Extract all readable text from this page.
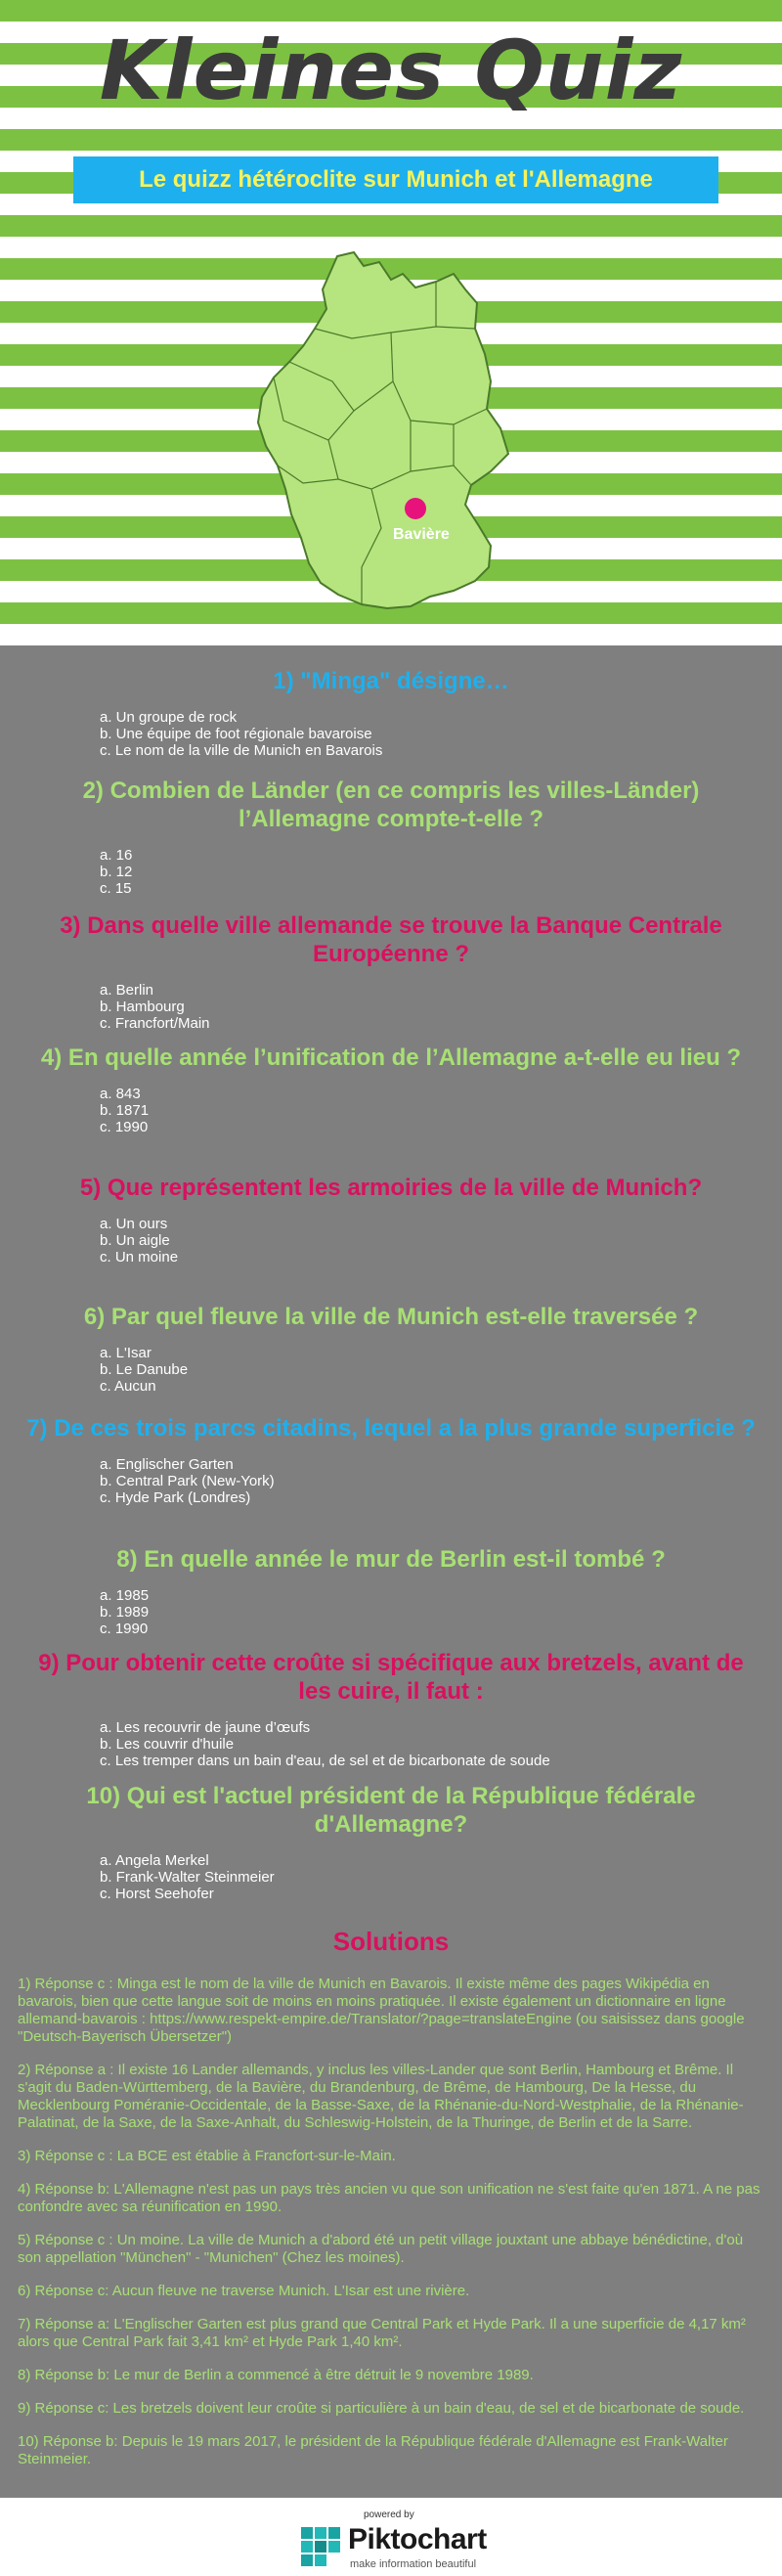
Kleines Quiz
Le quizz hétéroclite sur Munich et l'Allemagne
Bavière
1) "Minga" désigne…
a. Un groupe de rock
b. Une équipe de foot régionale bavaroise
c. Le nom de la ville de Munich en Bavarois
2) Combien de Länder (en ce compris les villes-Länder) l’Allemagne compte-t-elle ?
a. 16
b. 12
c. 15
3) Dans quelle ville allemande se trouve la Banque Centrale Européenne ?
a. Berlin
b. Hambourg
c. Francfort/Main
4) En quelle année l’unification de l’Allemagne a-t-elle eu lieu ?
a. 843
b. 1871
c. 1990
5) Que représentent les armoiries de la ville de Munich?
a. Un ours
b. Un aigle
c. Un moine
6) Par quel fleuve la ville de Munich est-elle traversée ?
a. L'Isar
b. Le Danube
c. Aucun
7) De ces trois parcs citadins, lequel a la plus grande superficie ?
a. Englischer Garten
b. Central Park (New-York)
c. Hyde Park (Londres)
8) En quelle année le mur de Berlin est-il tombé ?
a. 1985
b. 1989
c. 1990
9) Pour obtenir cette croûte si spécifique aux bretzels, avant de les cuire, il faut :
a. Les recouvrir de jaune d’œufs
b. Les couvrir d'huile
c. Les tremper dans un bain d'eau, de sel et de bicarbonate de soude
10) Qui est l'actuel président de la République fédérale d'Allemagne?
a. Angela Merkel
b. Frank-Walter Steinmeier
c. Horst Seehofer
Solutions
1) Réponse c : Minga est le nom de la ville de Munich en Bavarois. Il existe même des pages Wikipédia en bavarois, bien que cette langue soit de moins en moins pratiquée. Il existe également un dictionnaire en ligne allemand-bavarois : https://www.respekt-empire.de/Translator/?page=translateEngine (ou saisissez dans google "Deutsch-Bayerisch Übersetzer")
2) Réponse a : Il existe 16 Lander allemands, y inclus les villes-Lander que sont Berlin, Hambourg et Brême. Il s'agit du Baden-Württemberg, de la Bavière, du Brandenburg, de Brême, de Hambourg, De la Hesse, du Mecklenbourg Poméranie-Occidentale, de la Basse-Saxe, de la Rhénanie-du-Nord-Westphalie, de la Rhénanie-Palatinat, de la Saxe, de la Saxe-Anhalt, du Schleswig-Holstein, de la Thuringe, de Berlin et de la Sarre.
3) Réponse c : La BCE est établie à Francfort-sur-le-Main.
4) Réponse b: L'Allemagne n'est pas un pays très ancien vu que son unification ne s'est faite qu'en 1871. A ne pas confondre avec sa réunification en 1990.
5) Réponse c : Un moine. La ville de Munich a d'abord été un petit village jouxtant une abbaye bénédictine, d'où son appellation "München" - "Munichen" (Chez les moines).
6) Réponse c: Aucun fleuve ne traverse Munich. L'Isar est une rivière.
7) Réponse a: L'Englischer Garten est plus grand que Central Park et Hyde Park. Il a une superficie de 4,17 km² alors que Central Park fait 3,41 km² et Hyde Park 1,40 km².
8) Réponse b: Le mur de Berlin a commencé à être détruit le 9 novembre 1989.
9) Réponse c: Les bretzels doivent leur croûte si particulière à un bain d'eau, de sel et de bicarbonate de soude.
10) Réponse b: Depuis le 19 mars 2017, le président de la République fédérale d'Allemagne est Frank-Walter Steinmeier.
powered by
Piktochart
make information beautiful
